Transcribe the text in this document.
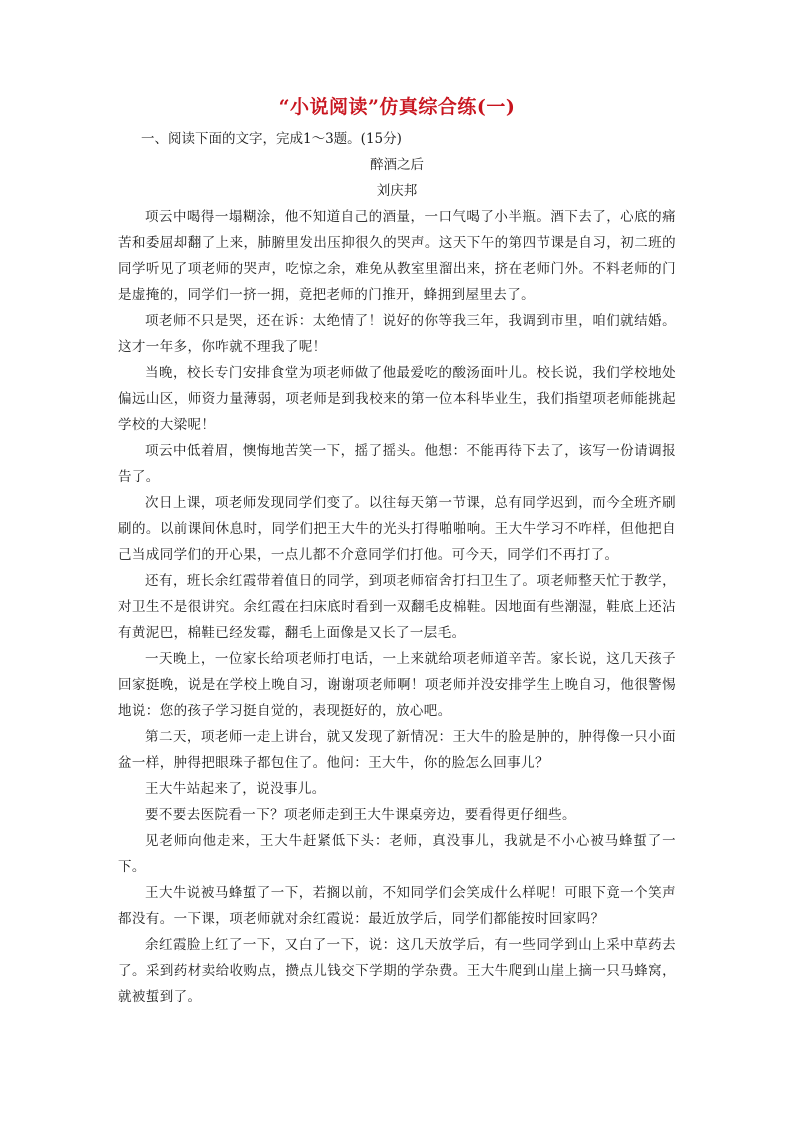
“小说阅读”仿真综合练(一)
一、阅读下面的文字，完成1～3题。(15分)
醉酒之后
刘庆邦

项云中喝得一塌糊涂，他不知道自己的酒量，一口气喝了小半瓶。酒下去了，心底的痛苦和委屈却翻了上来，肺腑里发出压抑很久的哭声。这天下午的第四节课是自习，初二班的同学听见了项老师的哭声，吃惊之余，难免从教室里溜出来，挤在老师门外。不料老师的门是虚掩的，同学们一挤一拥，竟把老师的门推开，蜂拥到屋里去了。

项老师不只是哭，还在诉：太绝情了！说好的你等我三年，我调到市里，咱们就结婚。这才一年多，你咋就不理我了呢！

当晚，校长专门安排食堂为项老师做了他最爱吃的酸汤面叶儿。校长说，我们学校地处偏远山区，师资力量薄弱，项老师是到我校来的第一位本科毕业生，我们指望项老师能挑起学校的大梁呢！

项云中低着眉，懊悔地苦笑一下，摇了摇头。他想：不能再待下去了，该写一份请调报告了。

次日上课，项老师发现同学们变了。以往每天第一节课，总有同学迟到，而今全班齐刷刷的。以前课间休息时，同学们把王大牛的光头打得啪啪响。王大牛学习不咋样，但他把自己当成同学们的开心果，一点儿都不介意同学们打他。可今天，同学们不再打了。

还有，班长余红霞带着值日的同学，到项老师宿舍打扫卫生了。项老师整天忙于教学，对卫生不是很讲究。余红霞在扫床底时看到一双翻毛皮棉鞋。因地面有些潮湿，鞋底上还沾有黄泥巴，棉鞋已经发霉，翻毛上面像是又长了一层毛。

一天晚上，一位家长给项老师打电话，一上来就给项老师道辛苦。家长说，这几天孩子回家挺晚，说是在学校上晚自习，谢谢项老师啊！项老师并没安排学生上晚自习，他很警惕地说：您的孩子学习挺自觉的，表现挺好的，放心吧。

第二天，项老师一走上讲台，就又发现了新情况：王大牛的脸是肿的，肿得像一只小面盆一样，肿得把眼珠子都包住了。他问：王大牛，你的脸怎么回事儿？

王大牛站起来了，说没事儿。

要不要去医院看一下？项老师走到王大牛课桌旁边，要看得更仔细些。

见老师向他走来，王大牛赶紧低下头：老师，真没事儿，我就是不小心被马蜂蜇了一下。

王大牛说被马蜂蜇了一下，若搁以前，不知同学们会笑成什么样呢！可眼下竟一个笑声都没有。一下课，项老师就对余红霞说：最近放学后，同学们都能按时回家吗？

余红霞脸上红了一下，又白了一下，说：这几天放学后，有一些同学到山上采中草药去了。采到药材卖给收购点，攒点儿钱交下学期的学杂费。王大牛爬到山崖上摘一只马蜂窝，就被蜇到了。
